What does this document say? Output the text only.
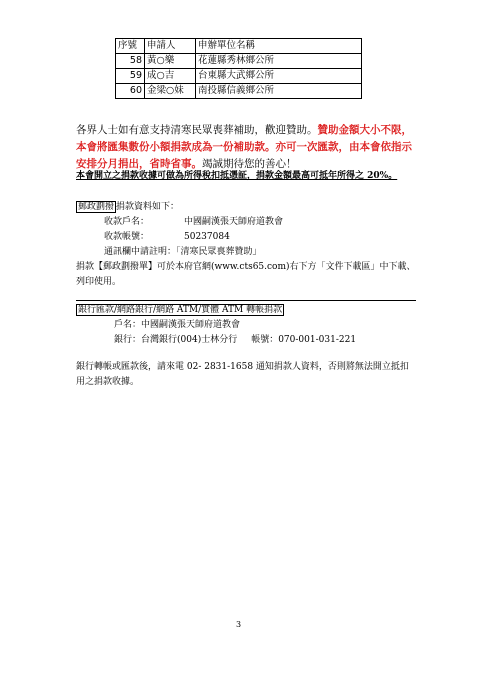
序號	申請人	申辦單位名稱
58	黃○樂	花蓮縣秀林鄉公所
59	成○吉	台東縣大武鄉公所
60	金梁○妹	南投縣信義鄉公所
各界人士如有意支持清寒民眾喪葬補助，歡迎贊助。贊助金額大小不限，本會將匯集數份小額捐款成為一份補助款。亦可一次匯款，由本會依指示安排分月捐出，省時省事。竭誠期待您的善心！
本會開立之捐款收據可做為所得稅扣抵憑証，捐款金額最高可抵年所得之 20%。
郵政劃撥 捐款資料如下：
收款戶名：	中國嗣漢張天師府道教會
收款帳號：	50237084
通訊欄中請註明：「清寒民眾喪葬贊助」
捐款【郵政劃撥單】可於本府官網(www.cts65.com)右下方「文件下載區」中下載、列印使用。
銀行匯款/網路銀行/網路 ATM/實體 ATM 轉帳捐款
戶名：中國嗣漢張天師府道教會
銀行：台灣銀行(004)士林分行 帳號：070-001-031-221
銀行轉帳或匯款後，請來電 02- 2831-1658 通知捐款人資料，否則將無法開立抵扣用之捐款收據。
3
